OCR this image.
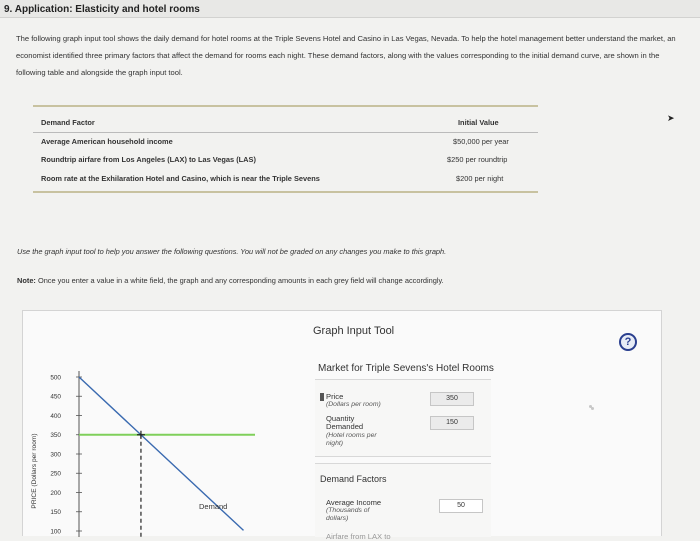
9. Application: Elasticity and hotel rooms
The following graph input tool shows the daily demand for hotel rooms at the Triple Sevens Hotel and Casino in Las Vegas, Nevada. To help the hotel management better understand the market, an economist identified three primary factors that affect the demand for rooms each night. These demand factors, along with the values corresponding to the initial demand curve, are shown in the following table and alongside the graph input tool.
Demand Factor	Initial Value
Average American household income	$50,000 per year
Roundtrip airfare from Los Angeles (LAX) to Las Vegas (LAS)	$250 per roundtrip
Room rate at the Exhilaration Hotel and Casino, which is near the Triple Sevens	$200 per night
➤
Use the graph input tool to help you answer the following questions. You will not be graded on any changes you make to this graph.
Note: Once you enter a value in a white field, the graph and any corresponding amounts in each grey field will change accordingly.
Graph Input Tool
?
PRICE (Dollars per room)
100
150
200
250
300
350
400
450
500
Demand
Market for Triple Sevens's Hotel Rooms
Price
(Dollars per room)
350
Quantity
Demanded
(Hotel rooms per
night)
150
Demand Factors
Average Income
(Thousands of
dollars)
50
Airfare from LAX to
